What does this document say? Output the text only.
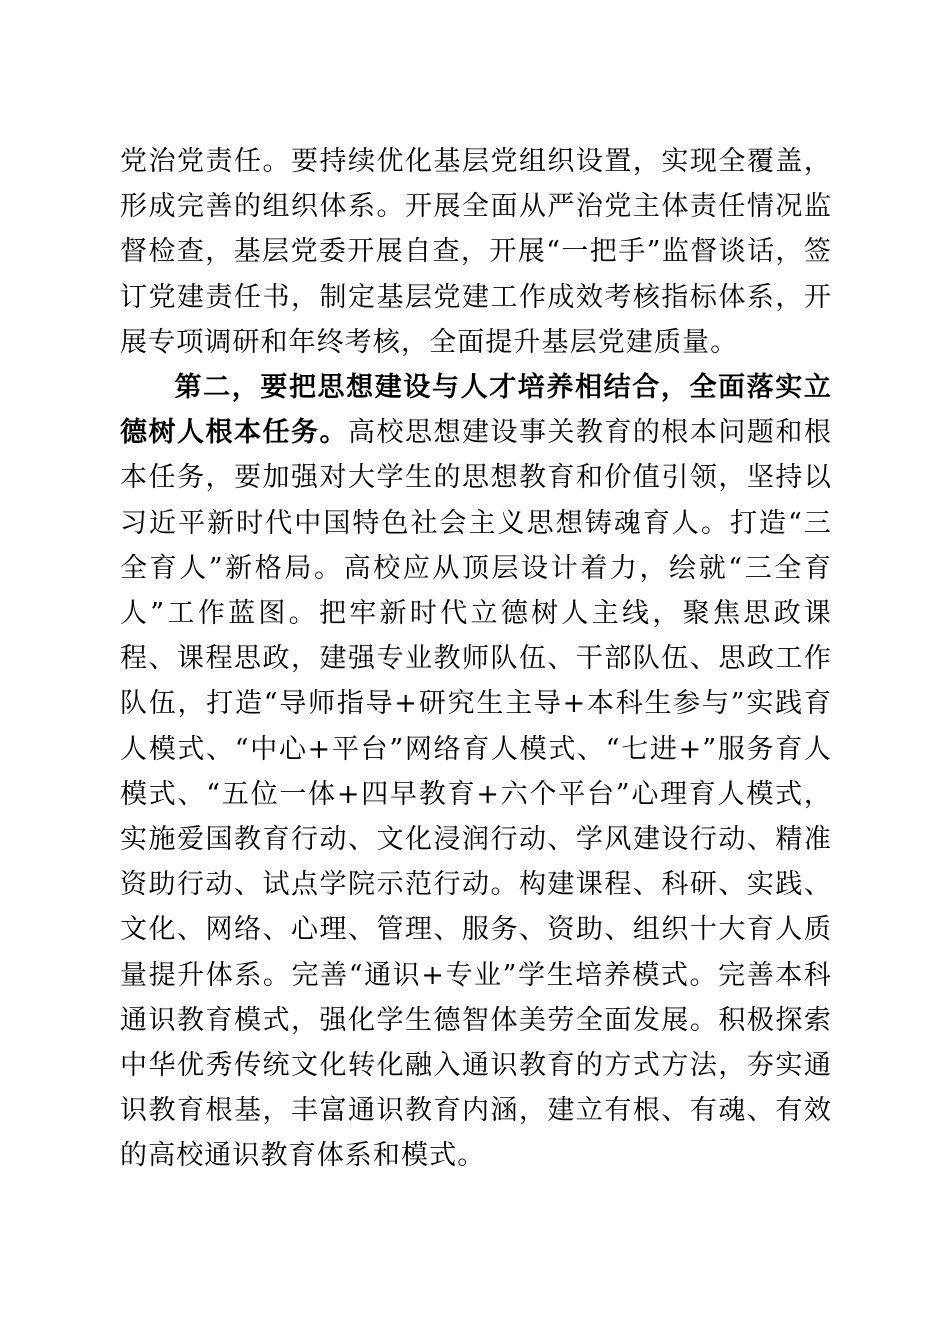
党治党责任。要持续优化基层党组织设置，实现全覆盖，形成完善的组织体系。开展全面从严治党主体责任情况监督检查，基层党委开展自查，开展“一把手”监督谈话，签订党建责任书，制定基层党建工作成效考核指标体系，开展专项调研和年终考核，全面提升基层党建质量。

第二，要把思想建设与人才培养相结合，全面落实立德树人根本任务。高校思想建设事关教育的根本问题和根本任务，要加强对大学生的思想教育和价值引领，坚持以习近平新时代中国特色社会主义思想铸魂育人。打造“三全育人”新格局。高校应从顶层设计着力，绘就“三全育人”工作蓝图。把牢新时代立德树人主线，聚焦思政课程、课程思政，建强专业教师队伍、干部队伍、思政工作队伍，打造“导师指导+研究生主导+本科生参与”实践育人模式、“中心+平台”网络育人模式、“七进+”服务育人模式、“五位一体+四早教育+六个平台”心理育人模式，实施爱国教育行动、文化浸润行动、学风建设行动、精准资助行动、试点学院示范行动。构建课程、科研、实践、文化、网络、心理、管理、服务、资助、组织十大育人质量提升体系。完善“通识+专业”学生培养模式。完善本科通识教育模式，强化学生德智体美劳全面发展。积极探索中华优秀传统文化转化融入通识教育的方式方法，夯实通识教育根基，丰富通识教育内涵，建立有根、有魂、有效的高校通识教育体系和模式。
